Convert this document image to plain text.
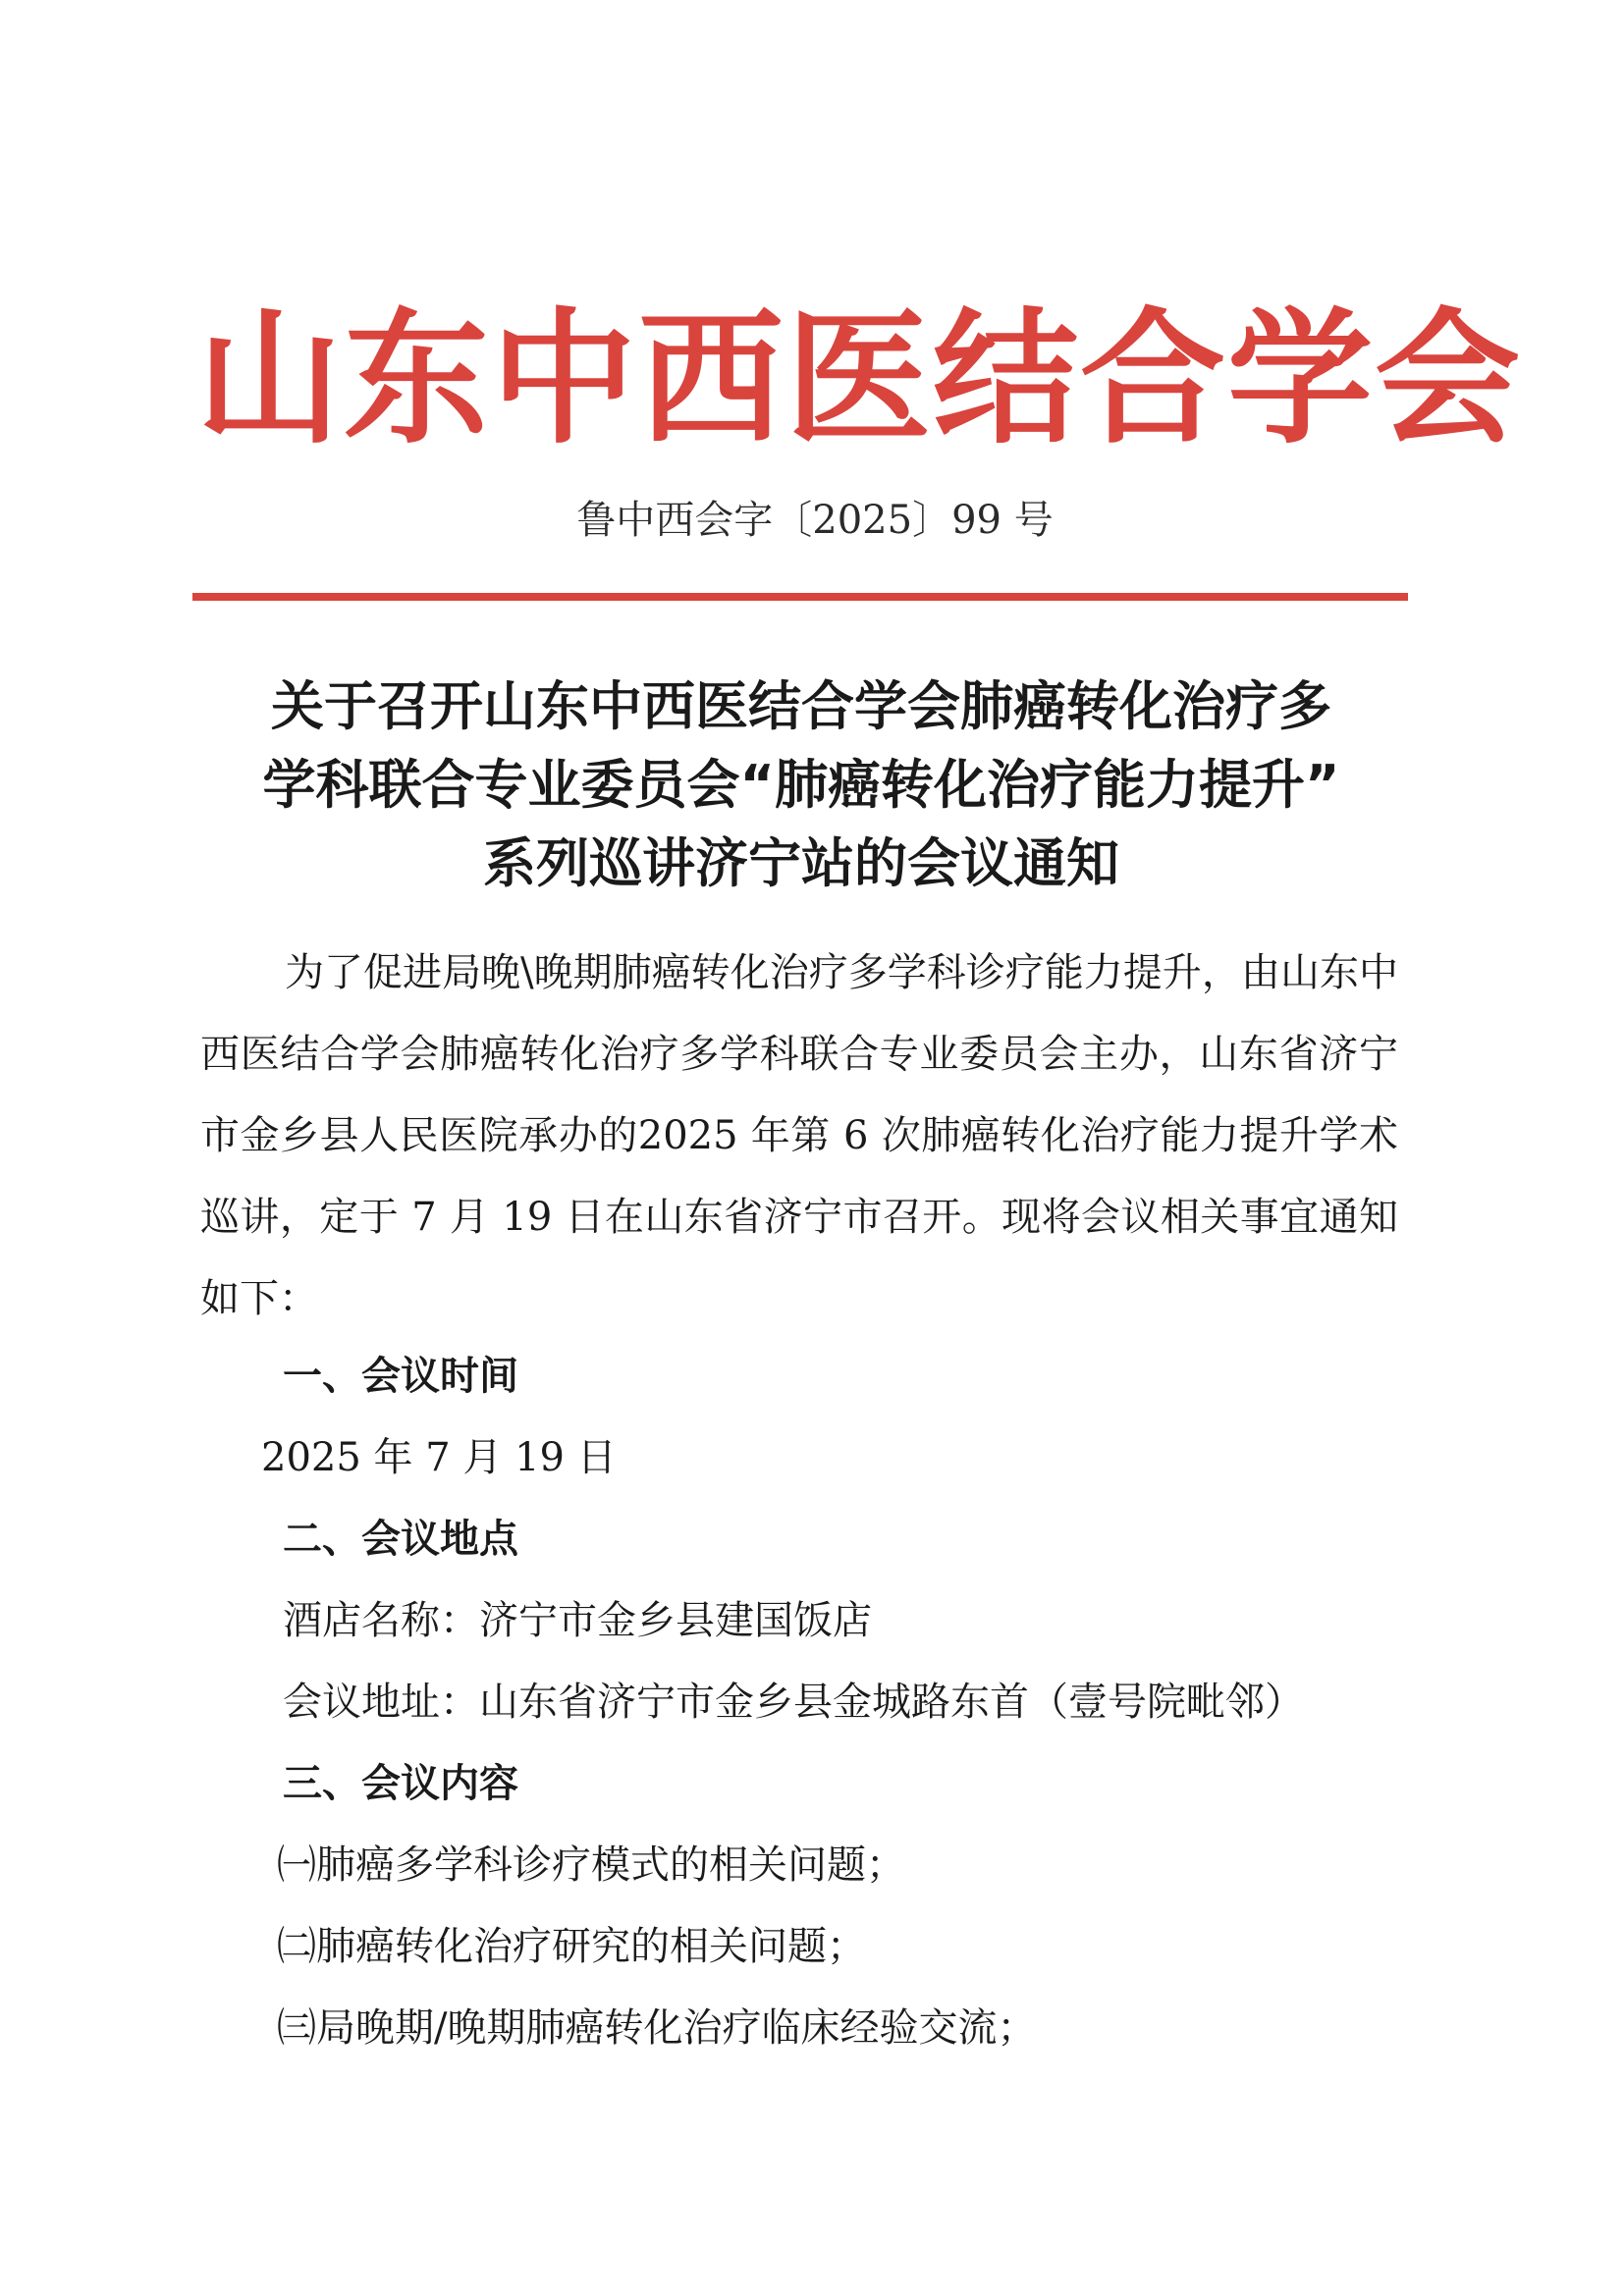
山东中西医结合学会
鲁中西会字〔2025〕99 号
关于召开山东中西医结合学会肺癌转化治疗多
学科联合专业委员会“肺癌转化治疗能力提升”
系列巡讲济宁站的会议通知
为了促进局晚\晚期肺癌转化治疗多学科诊疗能力提升，由山东中西医结合学会肺癌转化治疗多学科联合专业委员会主办，山东省济宁市金乡县人民医院承办的2025 年第 6 次肺癌转化治疗能力提升学术巡讲，定于 7 月 19 日在山东省济宁市召开。现将会议相关事宜通知如下：
一、会议时间
2025 年 7 月 19 日
二、会议地点
酒店名称：济宁市金乡县建国饭店
会议地址：山东省济宁市金乡县金城路东首（壹号院毗邻）
三、会议内容
㈠肺癌多学科诊疗模式的相关问题；
㈡肺癌转化治疗研究的相关问题；
㈢局晚期/晚期肺癌转化治疗临床经验交流；
